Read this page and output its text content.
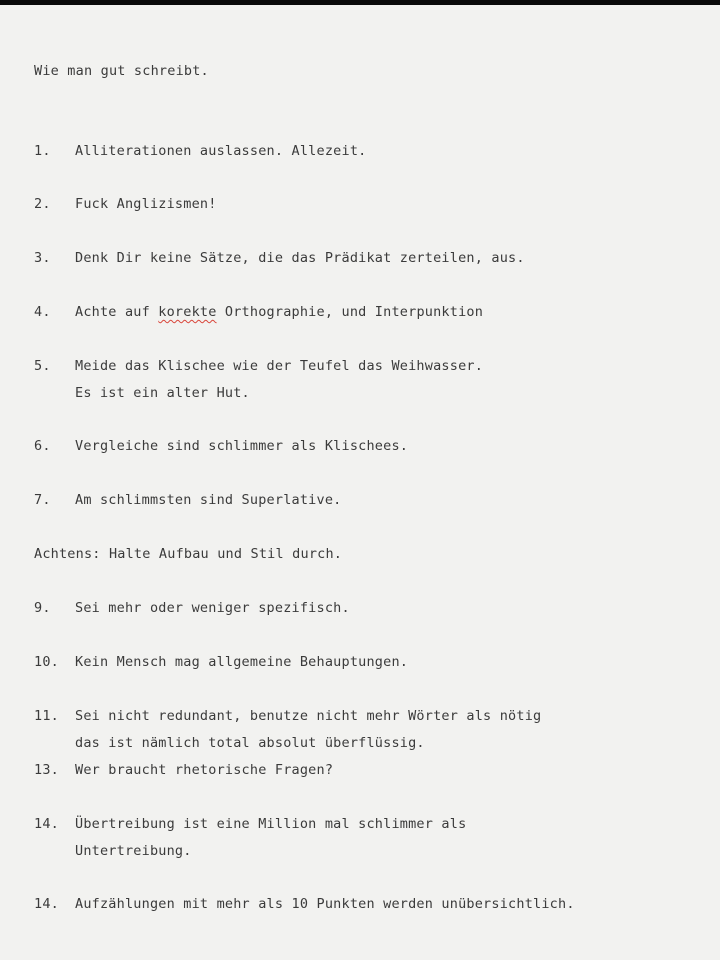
Wie man gut schreibt.
1. Alliterationen auslassen. Allezeit.
2. Fuck Anglizismen!
3. Denk Dir keine Sätze, die das Prädikat zerteilen, aus.
4. Achte auf korekte Orthographie, und Interpunktion
5. Meide das Klischee wie der Teufel das Weihwasser.
Es ist ein alter Hut.
6. Vergleiche sind schlimmer als Klischees.
7. Am schlimmsten sind Superlative.
Achtens: Halte Aufbau und Stil durch.
9. Sei mehr oder weniger spezifisch.
10. Kein Mensch mag allgemeine Behauptungen.
11. Sei nicht redundant, benutze nicht mehr Wörter als nötig
das ist nämlich total absolut überflüssig.
13. Wer braucht rhetorische Fragen?
14. Übertreibung ist eine Million mal schlimmer als
Untertreibung.
14. Aufzählungen mit mehr als 10 Punkten werden unübersichtlich.
